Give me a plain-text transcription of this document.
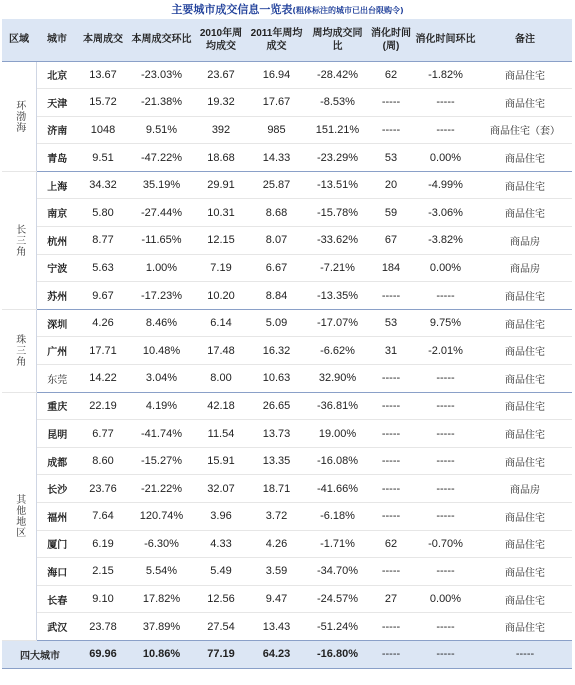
主要城市成交信息一览表(粗体标注的城市已出台限购令)
区域	城市	本周成交	本周成交环比	2010年周均成交	2011年周均成交	周均成交同比	消化时间(周)	消化时间环比	备注
环渤海	北京	13.67	-23.03%	23.67	16.94	-28.42%	62	-1.82%	商品住宅
	天津	15.72	-21.38%	19.32	17.67	-8.53%	-----	-----	商品住宅
	济南	1048	9.51%	392	985	151.21%	-----	-----	商品住宅（套）
	青岛	9.51	-47.22%	18.68	14.33	-23.29%	53	0.00%	商品住宅
长三角	上海	34.32	35.19%	29.91	25.87	-13.51%	20	-4.99%	商品住宅
	南京	5.80	-27.44%	10.31	8.68	-15.78%	59	-3.06%	商品住宅
	杭州	8.77	-11.65%	12.15	8.07	-33.62%	67	-3.82%	商品房
	宁波	5.63	1.00%	7.19	6.67	-7.21%	184	0.00%	商品房
	苏州	9.67	-17.23%	10.20	8.84	-13.35%	-----	-----	商品住宅
珠三角	深圳	4.26	8.46%	6.14	5.09	-17.07%	53	9.75%	商品住宅
	广州	17.71	10.48%	17.48	16.32	-6.62%	31	-2.01%	商品住宅
	东莞	14.22	3.04%	8.00	10.63	32.90%	-----	-----	商品住宅
其他地区	重庆	22.19	4.19%	42.18	26.65	-36.81%	-----	-----	商品住宅
	昆明	6.77	-41.74%	11.54	13.73	19.00%	-----	-----	商品住宅
	成都	8.60	-15.27%	15.91	13.35	-16.08%	-----	-----	商品住宅
	长沙	23.76	-21.22%	32.07	18.71	-41.66%	-----	-----	商品房
	福州	7.64	120.74%	3.96	3.72	-6.18%	-----	-----	商品住宅
	厦门	6.19	-6.30%	4.33	4.26	-1.71%	62	-0.70%	商品住宅
	海口	2.15	5.54%	5.49	3.59	-34.70%	-----	-----	商品住宅
	长春	9.10	17.82%	12.56	9.47	-24.57%	27	0.00%	商品住宅
	武汉	23.78	37.89%	27.54	13.43	-51.24%	-----	-----	商品住宅
四大城市		69.96	10.86%	77.19	64.23	-16.80%	-----	-----	-----
